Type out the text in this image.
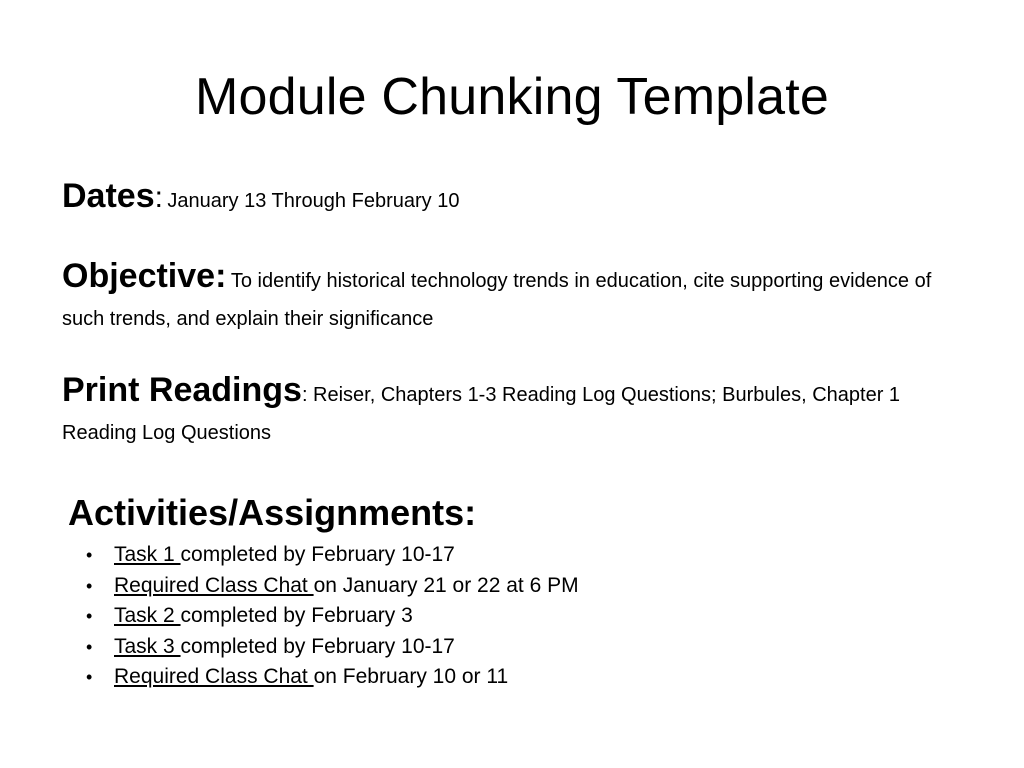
Module Chunking Template
Dates: January 13 Through February 10
Objective: To identify historical technology trends in education, cite supporting evidence of such trends, and explain their significance
Print Readings: Reiser, Chapters 1-3 Reading Log Questions; Burbules, Chapter 1 Reading Log Questions
Activities/Assignments:
• Task 1 completed by February 10-17
• Required Class Chat on January 21 or 22 at 6 PM
• Task 2 completed by February 3
• Task 3 completed by February 10-17
• Required Class Chat on February 10 or 11
